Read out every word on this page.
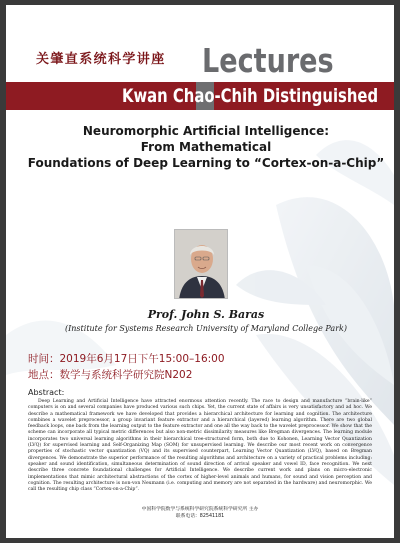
关肇直系统科学讲座 Lectures
Kwan Chao-Chih Distinguished
Neuromorphic Artificial Intelligence:
From Mathematical
Foundations of Deep Learning to “Cortex-on-a-Chip”
Prof. John S. Baras
(Institute for Systems Research University of Maryland College Park)
时间：2019年6月17日下午15:00–16:00
地点：数学与系统科学研究院N202
Abstract:
Deep Learning and Artificial Intelligence have attracted enormous attention recently. The race to design and manufacture “brain-like” computers is on and several companies have produced various such chips. Yet, the current state of affairs is very unsatisfactory and ad hoc. We describe a mathematical framework we have developed that provides a hierarchical architecture for learning and cognition. The architecture combines a wavelet preprocessor, a group invariant feature extractor and a hierarchical (layered) learning algorithm. There are two global feedback loops, one back from the learning output to the feature extractor and one all the way back to the wavelet preprocessor. We show that the scheme can incorporate all typical metric differences but also non-metric dissimilarity measures like Bregman divergences. The learning module incorporates two universal learning algorithms in their hierarchical tree-structured form, both due to Kohonen, Learning Vector Quantization (LVQ) for supervised learning and Self-Organizing Map (SOM) for unsupervised learning. We describe our most recent work on convergence properties of stochastic vector quantization (VQ) and its supervised counterpart, Learning Vector Quantization (LVQ), based on Bregman divergences. We demonstrate the superior performance of the resulting algorithms and architecture on a variety of practical problems including: speaker and sound identification, simultaneous determination of sound direction of arrival speaker and vowel ID, face recognition. We next describe three concrete foundational challenges for Artificial Intelligence. We describe current work and plans on micro-electronic implementations that mimic architectural abstractions of the cortex of higher-level animals and humans, for sound and vision perception and cognition. The resulting architecture is non-von Neumann (i.e. computing and memory are not separated in the hardware) and neuromorphic. We call the resulting chip class “Cortex-on-a-Chip”.
中国科学院数学与系统科学研究院系统科学研究所 主办
联系电话：82541181
